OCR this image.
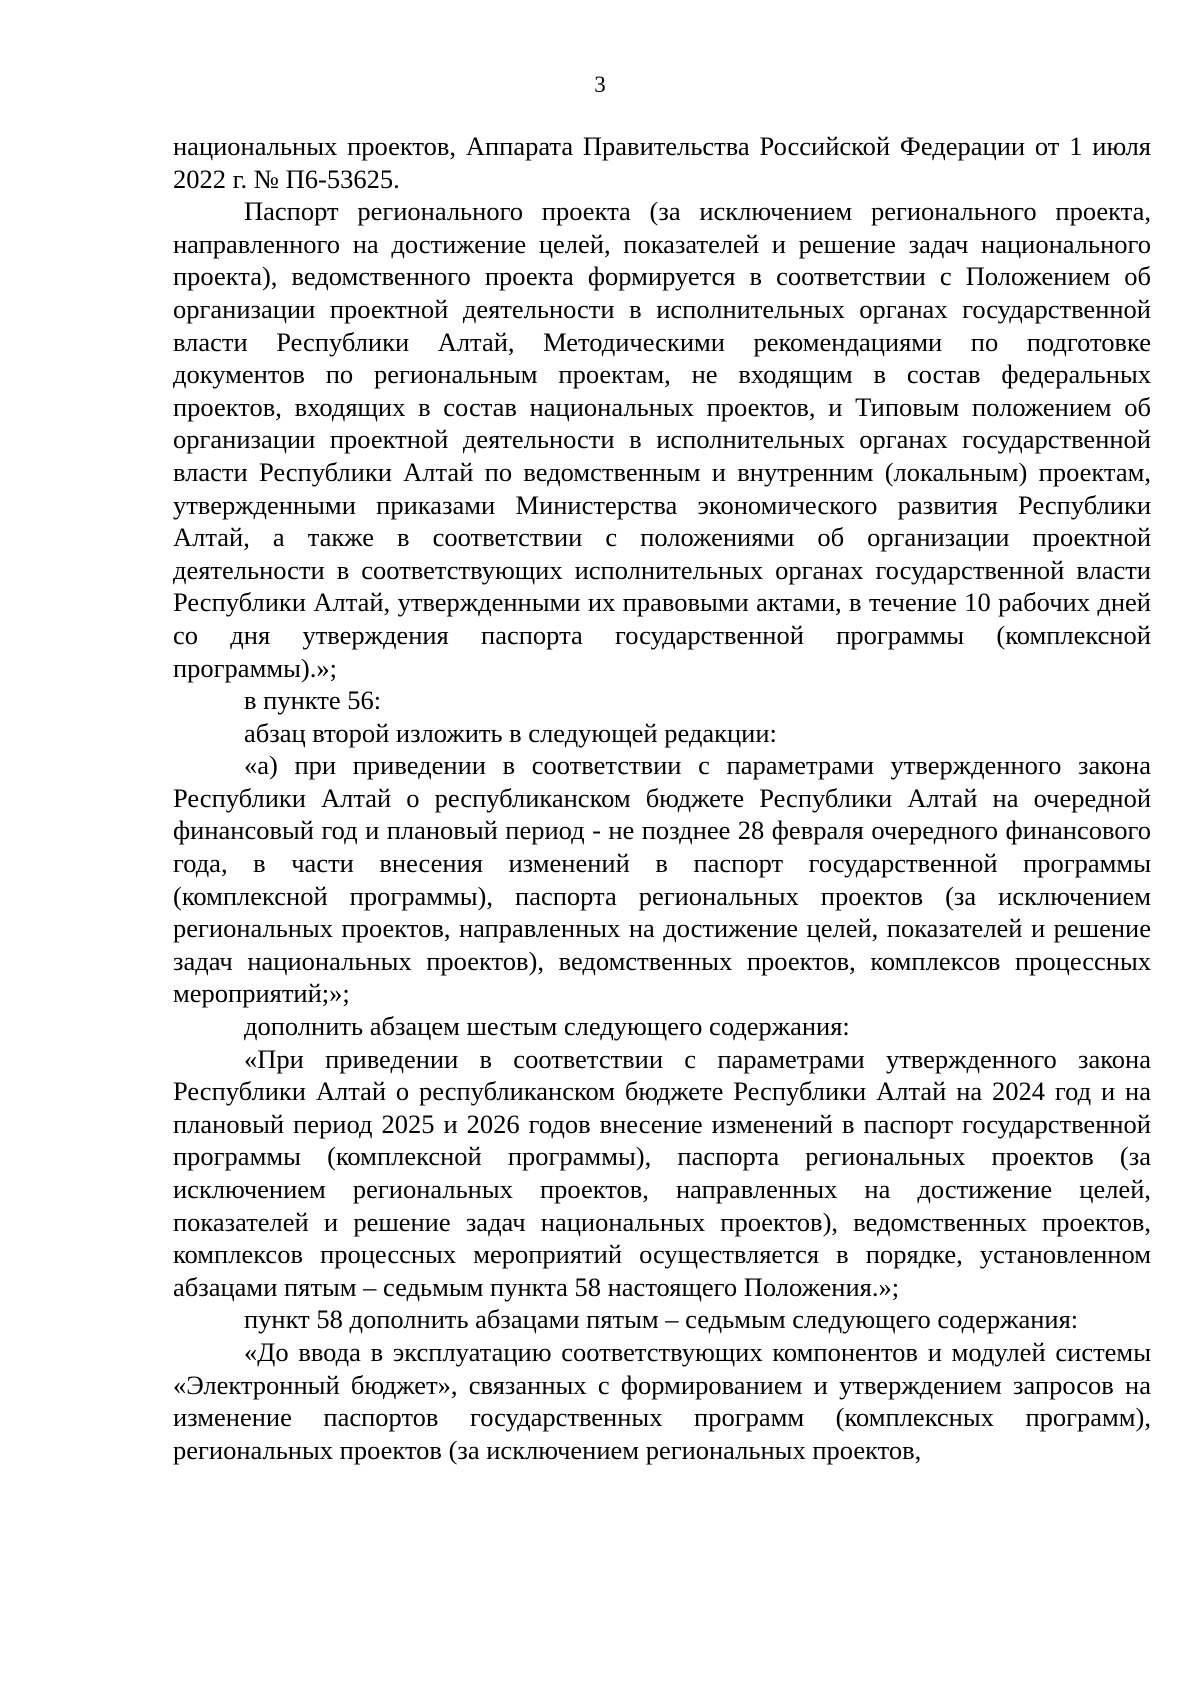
3

национальных проектов, Аппарата Правительства Российской Федерации от 1 июля 2022 г. № П6-53625.

Паспорт регионального проекта (за исключением регионального проекта, направленного на достижение целей, показателей и решение задач национального проекта), ведомственного проекта формируется в соответствии с Положением об организации проектной деятельности в исполнительных органах государственной власти Республики Алтай, Методическими рекомендациями по подготовке документов по региональным проектам, не входящим в состав федеральных проектов, входящих в состав национальных проектов, и Типовым положением об организации проектной деятельности в исполнительных органах государственной власти Республики Алтай по ведомственным и внутренним (локальным) проектам, утвержденными приказами Министерства экономического развития Республики Алтай, а также в соответствии с положениями об организации проектной деятельности в соответствующих исполнительных органах государственной власти Республики Алтай, утвержденными их правовыми актами, в течение 10 рабочих дней со дня утверждения паспорта государственной программы (комплексной программы).»;

в пункте 56:

абзац второй изложить в следующей редакции:

«а) при приведении в соответствии с параметрами утвержденного закона Республики Алтай о республиканском бюджете Республики Алтай на очередной финансовый год и плановый период - не позднее 28 февраля очередного финансового года, в части внесения изменений в паспорт государственной программы (комплексной программы), паспорта региональных проектов (за исключением региональных проектов, направленных на достижение целей, показателей и решение задач национальных проектов), ведомственных проектов, комплексов процессных мероприятий;»;

дополнить абзацем шестым следующего содержания:

«При приведении в соответствии с параметрами утвержденного закона Республики Алтай о республиканском бюджете Республики Алтай на 2024 год и на плановый период 2025 и 2026 годов внесение изменений в паспорт государственной программы (комплексной программы), паспорта региональных проектов (за исключением региональных проектов, направленных на достижение целей, показателей и решение задач национальных проектов), ведомственных проектов, комплексов процессных мероприятий осуществляется в порядке, установленном абзацами пятым – седьмым пункта 58 настоящего Положения.»;

пункт 58 дополнить абзацами пятым – седьмым следующего содержания:

«До ввода в эксплуатацию соответствующих компонентов и модулей системы «Электронный бюджет», связанных с формированием и утверждением запросов на изменение паспортов государственных программ (комплексных программ), региональных проектов (за исключением региональных проектов,
